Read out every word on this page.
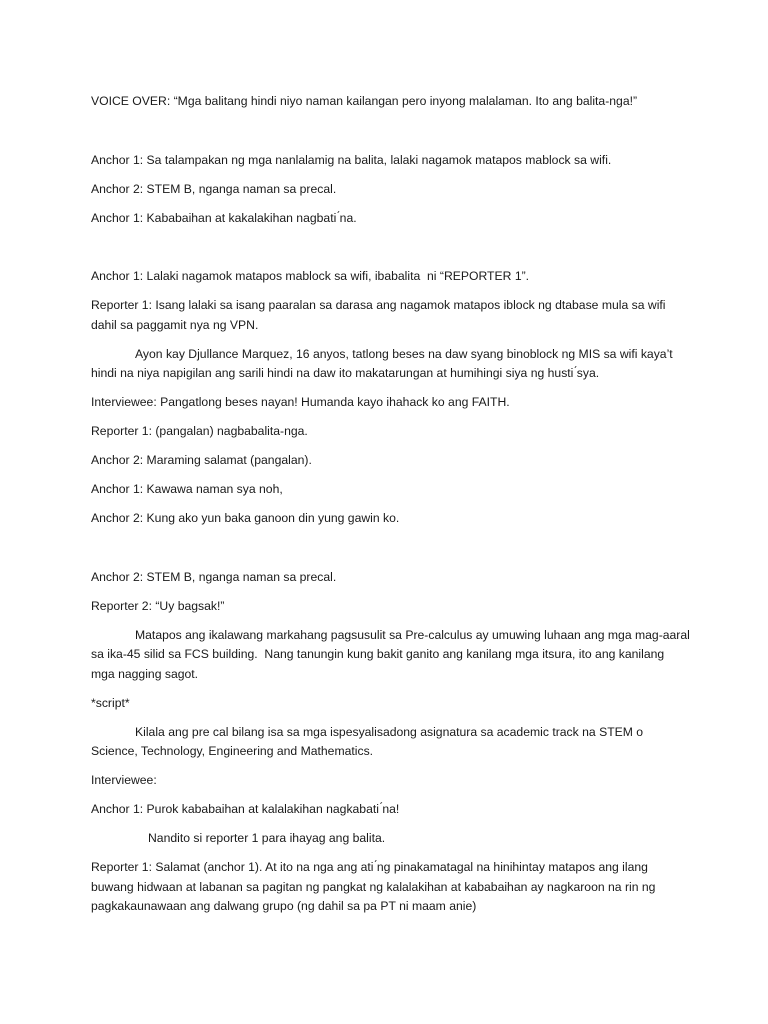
VOICE OVER: “Mga balitang hindi niyo naman kailangan pero inyong malalaman. Ito ang balita-nga!”

Anchor 1: Sa talampakan ng mga nanlalamig na balita, lalaki nagamok matapos mablock sa wifi.

Anchor 2: STEM B, nganga naman sa precal.

Anchor 1: Kababaihan at kakalakihan nagbati ́na.

Anchor 1: Lalaki nagamok matapos mablock sa wifi, ibabalita  ni “REPORTER 1”.

Reporter 1: Isang lalaki sa isang paaralan sa darasa ang nagamok matapos iblock ng dtabase mula sa wifi dahil sa paggamit nya ng VPN.

Ayon kay Djullance Marquez, 16 anyos, tatlong beses na daw syang binoblock ng MIS sa wifi kaya’t hindi na niya napigilan ang sarili hindi na daw ito makatarungan at humihingi siya ng husti ́sya.

Interviewee: Pangatlong beses nayan! Humanda kayo ihahack ko ang FAITH.

Reporter 1: (pangalan) nagbabalita-nga.

Anchor 2: Maraming salamat (pangalan).

Anchor 1: Kawawa naman sya noh,

Anchor 2: Kung ako yun baka ganoon din yung gawin ko.

Anchor 2: STEM B, nganga naman sa precal.

Reporter 2: “Uy bagsak!”

Matapos ang ikalawang markahang pagsusulit sa Pre-calculus ay umuwing luhaan ang mga mag-aaral sa ika-45 silid sa FCS building.  Nang tanungin kung bakit ganito ang kanilang mga itsura, ito ang kanilang mga nagging sagot.

*script*

Kilala ang pre cal bilang isa sa mga ispesyalisadong asignatura sa academic track na STEM o Science, Technology, Engineering and Mathematics.

Interviewee:

Anchor 1: Purok kababaihan at kalalakihan nagkabati ́na!

Nandito si reporter 1 para ihayag ang balita.

Reporter 1: Salamat (anchor 1). At ito na nga ang ati ́ng pinakamatagal na hinihintay matapos ang ilang buwang hidwaan at labanan sa pagitan ng pangkat ng kalalakihan at kababaihan ay nagkaroon na rin ng pagkakaunawaan ang dalwang grupo (ng dahil sa pa PT ni maam anie)
